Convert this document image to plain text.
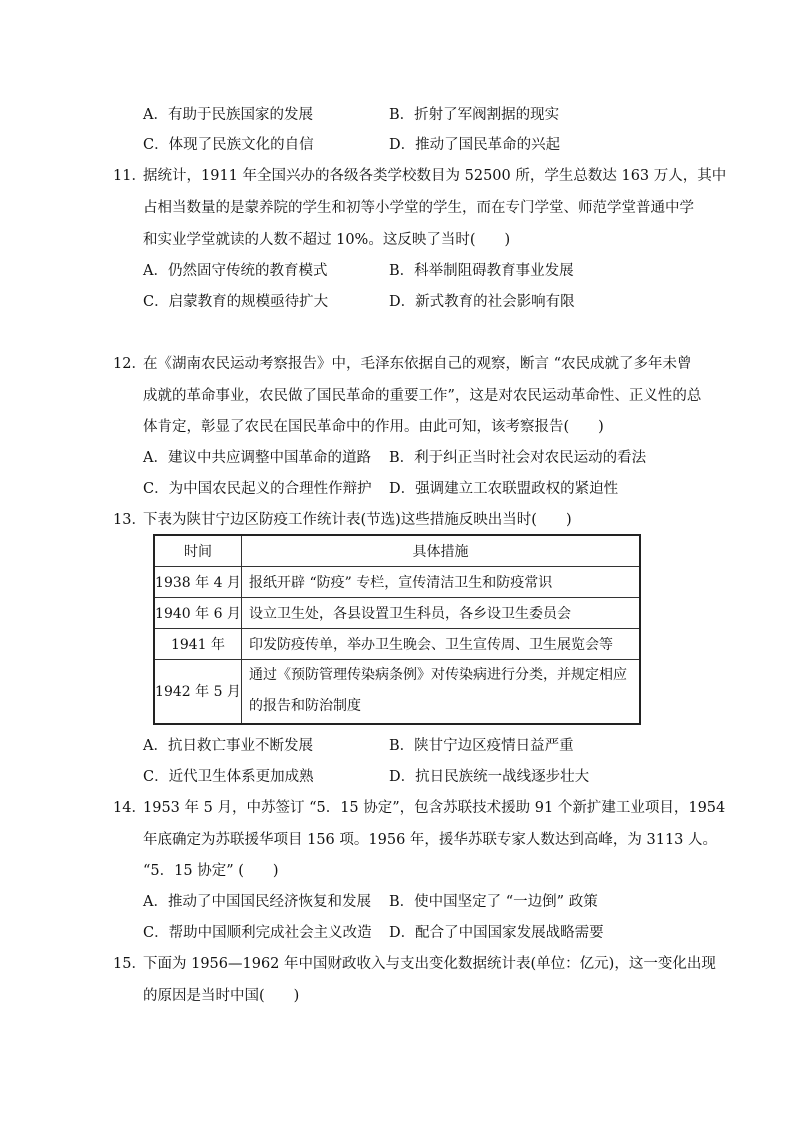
A．有助于民族国家的发展	B．折射了军阀割据的现实
C．体现了民族文化的自信	D．推动了国民革命的兴起
11．
据统计，1911 年全国兴办的各级各类学校数目为 52500 所，学生总数达 163 万人，其中
占相当数量的是蒙养院的学生和初等小学堂的学生，而在专门学堂、师范学堂普通中学
和实业学堂就读的人数不超过 10%。这反映了当时(　　)
A．仍然固守传统的教育模式	B．科举制阻碍教育事业发展
C．启蒙教育的规模亟待扩大	D．新式教育的社会影响有限
12．
在《湖南农民运动考察报告》中，毛泽东依据自己的观察，断言 “农民成就了多年未曾
成就的革命事业，农民做了国民革命的重要工作”，这是对农民运动革命性、正义性的总
体肯定，彰显了农民在国民革命中的作用。由此可知，该考察报告(　　)
A．建议中共应调整中国革命的道路 B．利于纠正当时社会对农民运动的看法
C．为中国农民起义的合理性作辩护 D．强调建立工农联盟政权的紧迫性
13．
下表为陕甘宁边区防疫工作统计表(节选)这些措施反映出当时(　　)
时间	具体措施
1938 年 4 月	报纸开辟 “防疫” 专栏，宣传清洁卫生和防疫常识
1940 年 6 月	设立卫生处，各县设置卫生科员，各乡设卫生委员会
1941 年	印发防疫传单，举办卫生晚会、卫生宣传周、卫生展览会等
1942 年 5 月	通过《预防管理传染病条例》对传染病进行分类，并规定相应的报告和防治制度
A．抗日救亡事业不断发展	B．陕甘宁边区疫情日益严重
C．近代卫生体系更加成熟	D．抗日民族统一战线逐步壮大
14．
1953 年 5 月，中苏签订 “5．15 协定”，包含苏联技术援助 91 个新扩建工业项目，1954
年底确定为苏联援华项目 156 项。1956 年，援华苏联专家人数达到高峰，为 3113 人。
“5．15 协定” (　　)
A．推动了中国国民经济恢复和发展 B．使中国坚定了 “一边倒” 政策
C．帮助中国顺利完成社会主义改造 D．配合了中国国家发展战略需要
15．
下面为 1956—1962 年中国财政收入与支出变化数据统计表(单位：亿元)，这一变化出现
的原因是当时中国(　　)
